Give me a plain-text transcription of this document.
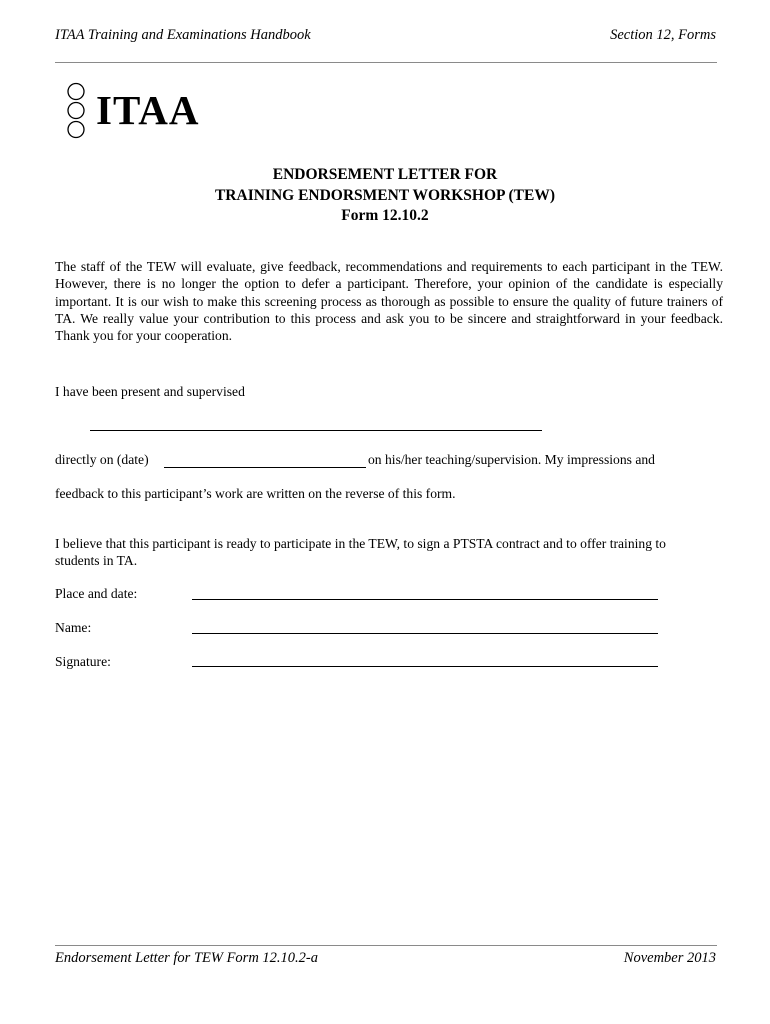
ITAA Training and Examinations Handbook	Section 12, Forms
ITAA
ENDORSEMENT LETTER FOR
TRAINING ENDORSMENT WORKSHOP (TEW)
Form 12.10.2
The staff of the TEW will evaluate, give feedback, recommendations and requirements to each participant in the TEW. However, there is no longer the option to defer a participant. Therefore, your opinion of the candidate is especially important. It is our wish to make this screening process as thorough as possible to ensure the quality of future trainers of TA. We really value your contribution to this process and ask you to be sincere and straightforward in your feedback. Thank you for your cooperation.
I have been present and supervised
directly on (date)	on his/her teaching/supervision. My impressions and
feedback to this participant’s work are written on the reverse of this form.
I believe that this participant is ready to participate in the TEW, to sign a PTSTA contract and to offer training to students in TA.
Place and date:
Name:
Signature:
Endorsement Letter for TEW Form 12.10.2-a	November 2013
